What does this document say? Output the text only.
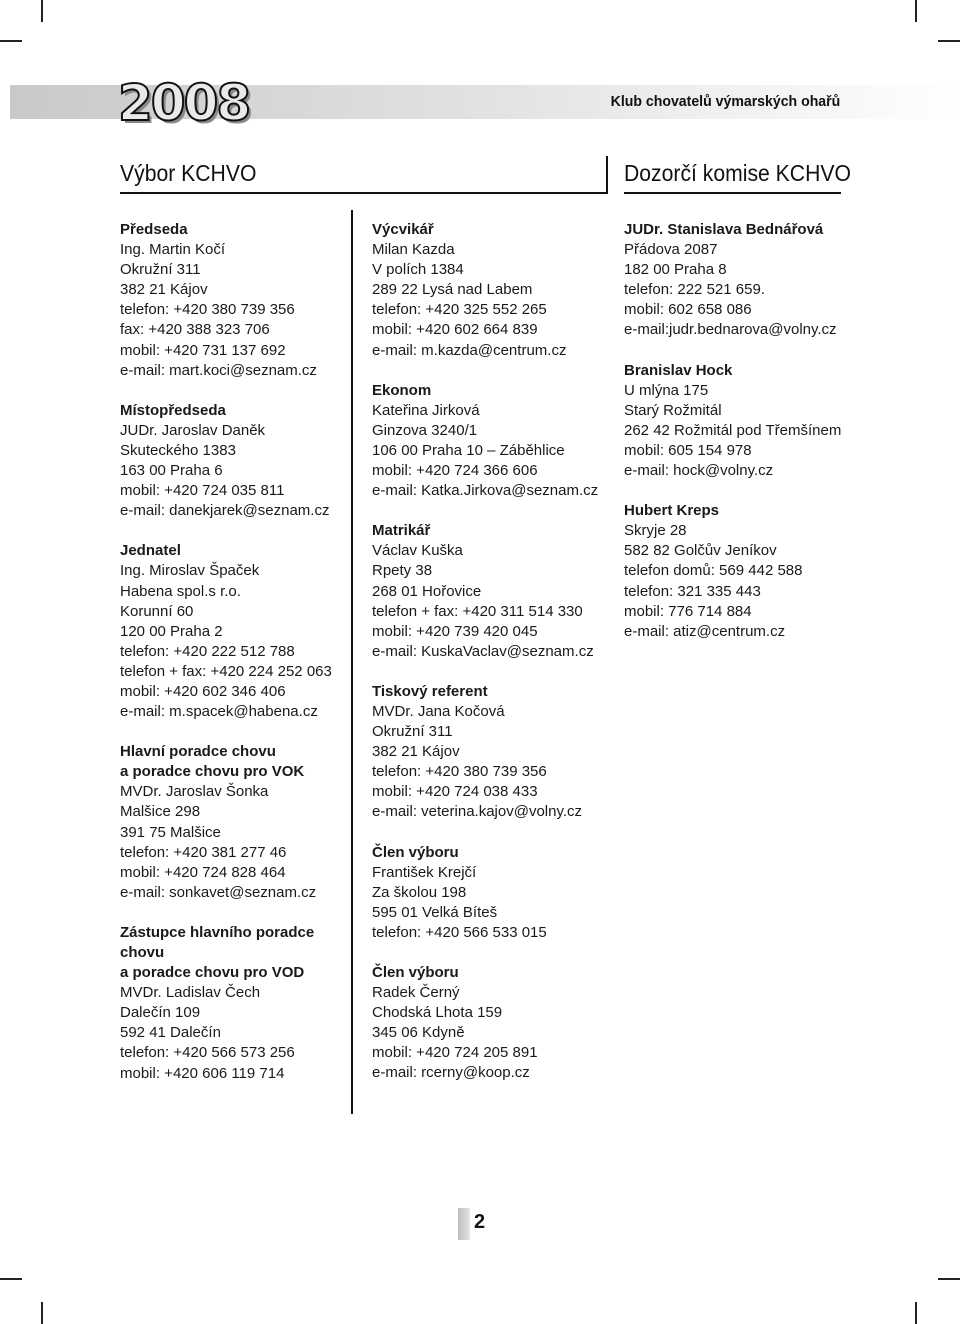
2008	Klub chovatelů výmarských ohařů
Výbor KCHVO	Dozorčí komise KCHVO
Předseda
Ing. Martin Kočí
Okružní 311
382 21 Kájov
telefon: +420 380 739 356
fax: +420 388 323 706
mobil: +420 731 137 692
e-mail: mart.koci@seznam.cz
Místopředseda
JUDr. Jaroslav Daněk
Skuteckého 1383
163 00 Praha 6
mobil: +420 724 035 811
e-mail: danekjarek@seznam.cz
Jednatel
Ing. Miroslav Špaček
Habena spol.s r.o.
Korunní 60
120 00 Praha 2
telefon: +420 222 512 788
telefon + fax: +420 224 252 063
mobil: +420 602 346 406
e-mail: m.spacek@habena.cz
Hlavní poradce chovu
a poradce chovu pro VOK
MVDr. Jaroslav Šonka
Malšice 298
391 75 Malšice
telefon: +420 381 277 46
mobil: +420 724 828 464
e-mail: sonkavet@seznam.cz
Zástupce hlavního poradce chovu
a poradce chovu pro VOD
MVDr. Ladislav Čech
Dalečín 109
592 41 Dalečín
telefon: +420 566 573 256
mobil: +420 606 119 714
Výcvikář
Milan Kazda
V polích 1384
289 22 Lysá nad Labem
telefon: +420 325 552 265
mobil: +420 602 664 839
e-mail: m.kazda@centrum.cz
Ekonom
Kateřina Jirková
Ginzova 3240/1
106 00 Praha 10 – Záběhlice
mobil: +420 724 366 606
e-mail: Katka.Jirkova@seznam.cz
Matrikář
Václav Kuška
Rpety 38
268 01 Hořovice
telefon + fax: +420 311 514 330
mobil: +420 739 420 045
e-mail: KuskaVaclav@seznam.cz
Tiskový referent
MVDr. Jana Kočová
Okružní 311
382 21 Kájov
telefon: +420 380 739 356
mobil: +420 724 038 433
e-mail: veterina.kajov@volny.cz
Člen výboru
František Krejčí
Za školou 198
595 01 Velká Bíteš
telefon: +420 566 533 015
Člen výboru
Radek Černý
Chodská Lhota 159
345 06 Kdyně
mobil: +420 724 205 891
e-mail: rcerny@koop.cz
JUDr. Stanislava Bednářová
Přádova 2087
182 00 Praha 8
telefon: 222 521 659.
mobil: 602 658 086
e-mail:judr.bednarova@volny.cz
Branislav Hock
U mlýna 175
Starý Rožmitál
262 42 Rožmitál pod Třemšínem
mobil: 605 154 978
e-mail: hock@volny.cz
Hubert Kreps
Skryje 28
582 82 Golčův Jeníkov
telefon domů: 569 442 588
telefon: 321 335 443
mobil: 776 714 884
e-mail: atiz@centrum.cz
2
